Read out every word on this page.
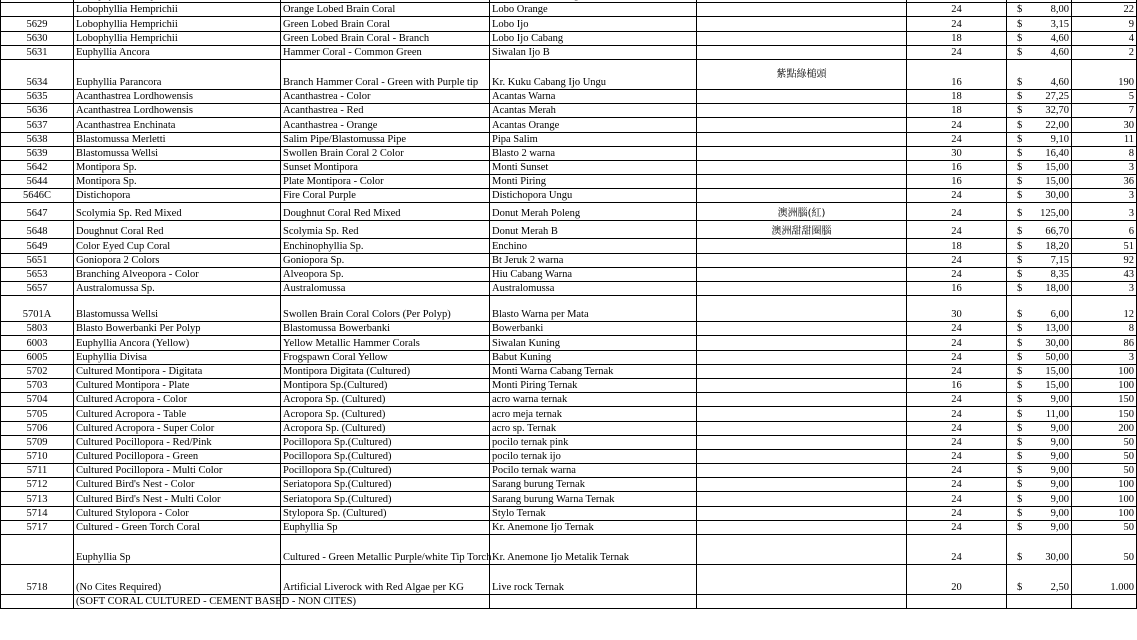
	Lobophyllia Hemprichii	Orange Lobed Brain Coral	Lobo Orange		24	$ 8,00	22
5629	Lobophyllia Hemprichii	Green Lobed Brain Coral	Lobo Ijo		24	$ 3,15	9
5630	Lobophyllia Hemprichii	Green Lobed Brain Coral - Branch	Lobo Ijo Cabang		18	$ 4,60	4
5631	Euphyllia Ancora	Hammer Coral - Common Green	Siwalan Ijo B		24	$ 4,60	2
5634	Euphyllia Parancora	Branch Hammer Coral - Green with Purple tip	Kr. Kuku Cabang Ijo Ungu	紫點綠槌頭	16	$ 4,60	190
5635	Acanthastrea Lordhowensis	Acanthastrea - Color	Acantas Warna		18	$ 27,25	5
5636	Acanthastrea Lordhowensis	Acanthastrea - Red	Acantas Merah		18	$ 32,70	7
5637	Acanthastrea Enchinata	Acanthastrea - Orange	Acantas Orange		24	$ 22,00	30
5638	Blastomussa Merletti	Salim Pipe/Blastomussa Pipe	Pipa Salim		24	$ 9,10	11
5639	Blastomussa Wellsi	Swollen Brain Coral 2 Color	Blasto 2 warna		30	$ 16,40	8
5642	Montipora Sp.	Sunset Montipora	Monti Sunset		16	$ 15,00	3
5644	Montipora Sp.	Plate Montipora - Color	Monti Piring		16	$ 15,00	36
5646C	Distichopora	Fire Coral Purple	Distichopora Ungu		24	$ 30,00	3
5647	Scolymia Sp. Red Mixed	Doughnut Coral Red Mixed	Donut Merah Poleng	澳洲腦(紅)	24	$ 125,00	3
5648	Doughnut Coral Red	Scolymia Sp. Red	Donut Merah B	澳洲甜甜圈腦	24	$ 66,70	6
5649	Color Eyed Cup Coral	Enchinophyllia Sp.	Enchino		18	$ 18,20	51
5651	Goniopora 2 Colors	Goniopora Sp.	Bt Jeruk 2 warna		24	$ 7,15	92
5653	Branching Alveopora - Color	Alveopora Sp.	Hiu Cabang Warna		24	$ 8,35	43
5657	Australomussa Sp.	Australomussa	Australomussa		16	$ 18,00	3
5701A	Blastomussa Wellsi	Swollen Brain Coral Colors (Per Polyp)	Blasto Warna per Mata		30	$ 6,00	12
5803	Blasto Bowerbanki Per Polyp	Blastomussa Bowerbanki	Bowerbanki		24	$ 13,00	8
6003	Euphyllia Ancora (Yellow)	Yellow Metallic Hammer Corals	Siwalan Kuning		24	$ 30,00	86
6005	Euphyllia Divisa	Frogspawn Coral Yellow	Babut Kuning		24	$ 50,00	3
5702	Cultured Montipora - Digitata	Montipora Digitata (Cultured)	Monti Warna Cabang Ternak		24	$ 15,00	100
5703	Cultured Montipora - Plate	Montipora Sp.(Cultured)	Monti Piring Ternak		16	$ 15,00	100
5704	Cultured Acropora - Color	Acropora Sp. (Cultured)	acro warna ternak		24	$ 9,00	150
5705	Cultured Acropora - Table	Acropora Sp. (Cultured)	acro meja ternak		24	$ 11,00	150
5706	Cultured Acropora - Super Color	Acropora Sp. (Cultured)	acro sp. Ternak		24	$ 9,00	200
5709	Cultured Pocillopora - Red/Pink	Pocillopora Sp.(Cultured)	pocilo ternak pink		24	$ 9,00	50
5710	Cultured Pocillopora - Green	Pocillopora Sp.(Cultured)	pocilo ternak ijo		24	$ 9,00	50
5711	Cultured Pocillopora - Multi Color	Pocillopora Sp.(Cultured)	Pocilo ternak warna		24	$ 9,00	50
5712	Cultured Bird's Nest - Color	Seriatopora Sp.(Cultured)	Sarang burung Ternak		24	$ 9,00	100
5713	Cultured Bird's Nest - Multi Color	Seriatopora Sp.(Cultured)	Sarang burung Warna Ternak		24	$ 9,00	100
5714	Cultured Stylopora - Color	Stylopora Sp. (Cultured)	Stylo Ternak		24	$ 9,00	100
5717	Cultured - Green Torch Coral	Euphyllia Sp	Kr. Anemone Ijo Ternak		24	$ 9,00	50
	Euphyllia Sp	Cultured - Green Metallic Purple/white Tip Torch	Kr. Anemone Ijo Metalik Ternak		24	$ 30,00	50
5718	(No Cites Required)	Artificial Liverock with Red Algae per KG	Live rock Ternak		20	$ 2,50	1.000
	(SOFT CORAL CULTURED - CEMENT BASED - NON CITES)					
